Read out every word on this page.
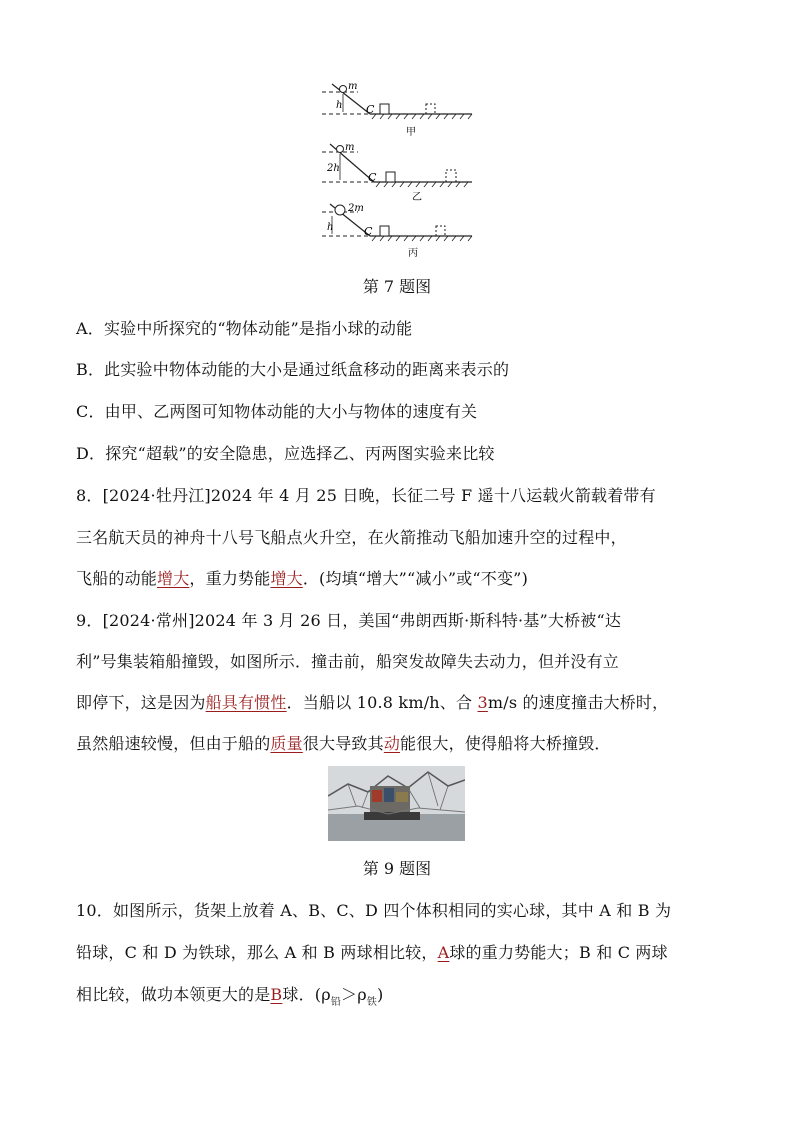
m
h C
甲
m
2h
C
乙
2m
h	C
丙
第 7 题图
A．实验中所探究的“物体动能”是指小球的动能
B．此实验中物体动能的大小是通过纸盒移动的距离来表示的
C．由甲、乙两图可知物体动能的大小与物体的速度有关
D．探究“超载”的安全隐患，应选择乙、丙两图实验来比较
8．[2024·牡丹江]2024 年 4 月 25 日晚，长征二号 F 遥十八运载火箭载着带有
三名航天员的神舟十八号飞船点火升空，在火箭推动飞船加速升空的过程中，
飞船的动能增大，重力势能增大．(均填“增大”“减小”或“不变”)
9．[2024·常州]2024 年 3 月 26 日，美国“弗朗西斯·斯科特·基”大桥被“达
利”号集装箱船撞毁，如图所示．撞击前，船突发故障失去动力，但并没有立
即停下，这是因为船具有惯性．当船以 10.8 km/h、合 3m/s 的速度撞击大桥时，
虽然船速较慢，但由于船的质量很大导致其动能很大，使得船将大桥撞毁．
第 9 题图
10．如图所示，货架上放着 A、B、C、D 四个体积相同的实心球，其中 A 和 B 为
铅球，C 和 D 为铁球，那么 A 和 B 两球相比较，A球的重力势能大；B 和 C 两球
相比较，做功本领更大的是B球．$(\rho_铅>\rho_铁)$
